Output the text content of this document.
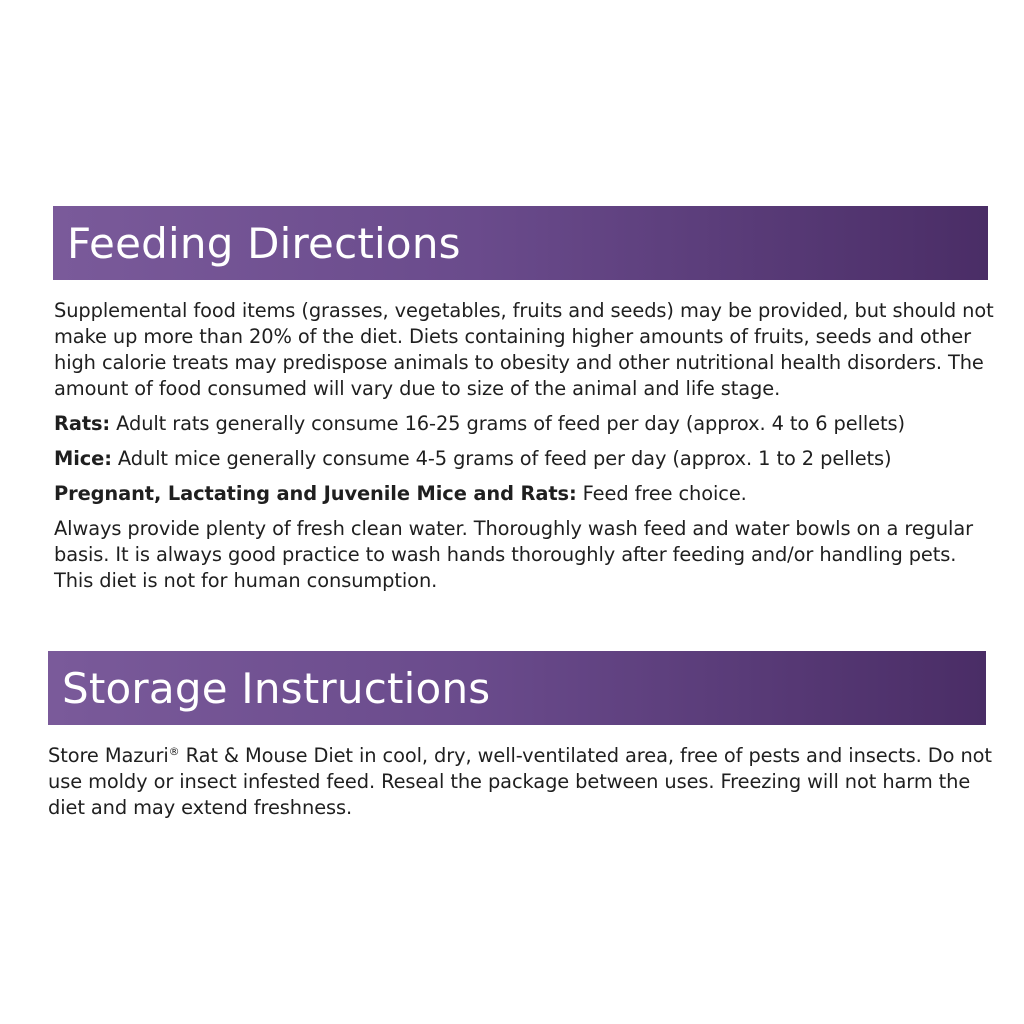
Feeding Directions

Supplemental food items (grasses, vegetables, fruits and seeds) may be provided, but should not make up more than 20% of the diet. Diets containing higher amounts of fruits, seeds and other high calorie treats may predispose animals to obesity and other nutritional health disorders. The amount of food consumed will vary due to size of the animal and life stage.

Rats: Adult rats generally consume 16-25 grams of feed per day (approx. 4 to 6 pellets)

Mice: Adult mice generally consume 4-5 grams of feed per day (approx. 1 to 2 pellets)

Pregnant, Lactating and Juvenile Mice and Rats: Feed free choice.

Always provide plenty of fresh clean water. Thoroughly wash feed and water bowls on a regular basis. It is always good practice to wash hands thoroughly after feeding and/or handling pets. This diet is not for human consumption.

Storage Instructions

Store Mazuri® Rat & Mouse Diet in cool, dry, well-ventilated area, free of pests and insects. Do not use moldy or insect infested feed. Reseal the package between uses. Freezing will not harm the diet and may extend freshness.
